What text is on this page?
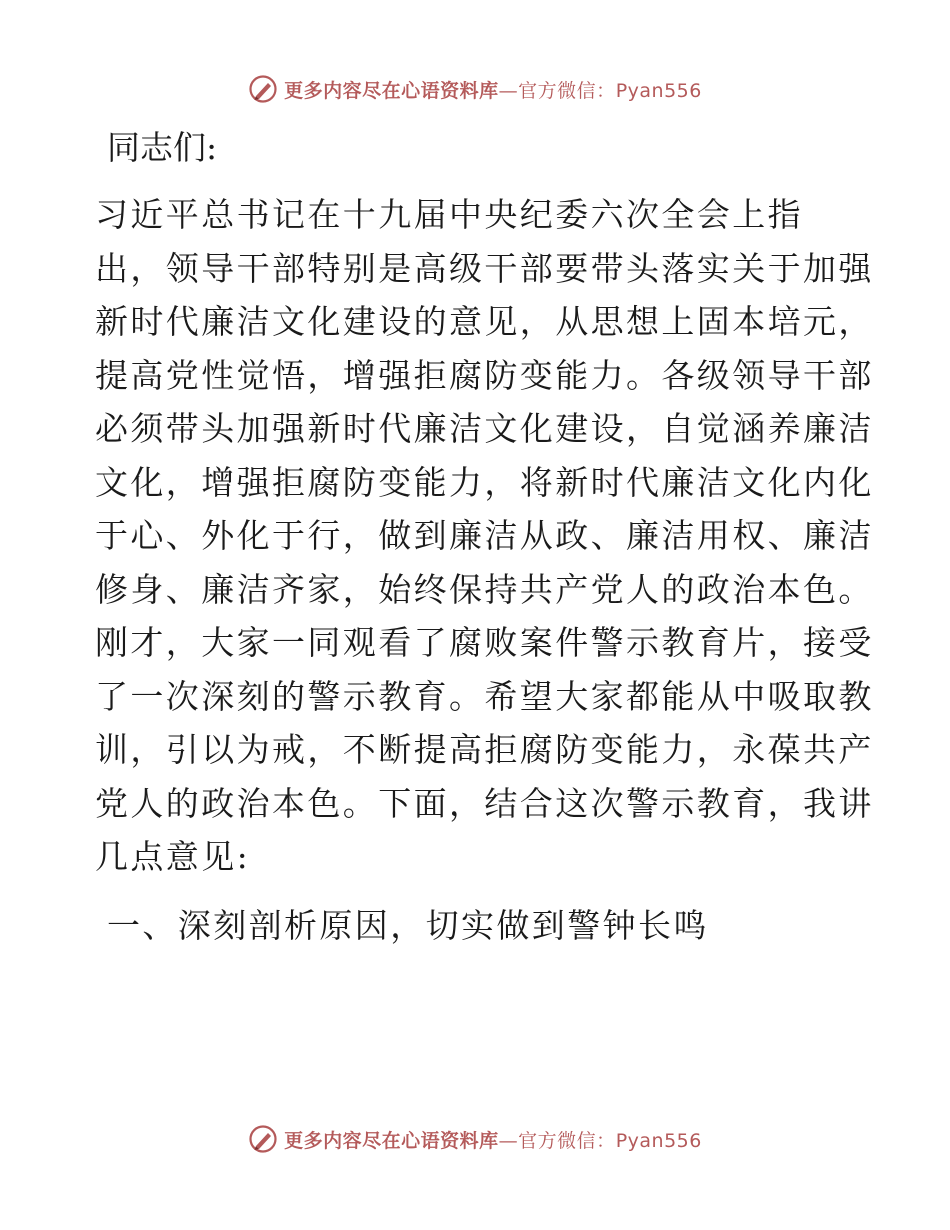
更多内容尽在心语资料库—官方微信：Pyan556
同志们:
习近平总书记在十九届中央纪委六次全会上指
出，领导干部特别是高级干部要带头落实关于加强
新时代廉洁文化建设的意见，从思想上固本培元，
提高党性觉悟，增强拒腐防变能力。各级领导干部
必须带头加强新时代廉洁文化建设，自觉涵养廉洁
文化，增强拒腐防变能力，将新时代廉洁文化内化
于心、外化于行，做到廉洁从政、廉洁用权、廉洁
修身、廉洁齐家，始终保持共产党人的政治本色。
刚才，大家一同观看了腐败案件警示教育片，接受
了一次深刻的警示教育。希望大家都能从中吸取教
训，引以为戒，不断提高拒腐防变能力，永葆共产
党人的政治本色。下面，结合这次警示教育，我讲
几点意见:
一、深刻剖析原因，切实做到警钟长鸣
更多内容尽在心语资料库—官方微信：Pyan556
